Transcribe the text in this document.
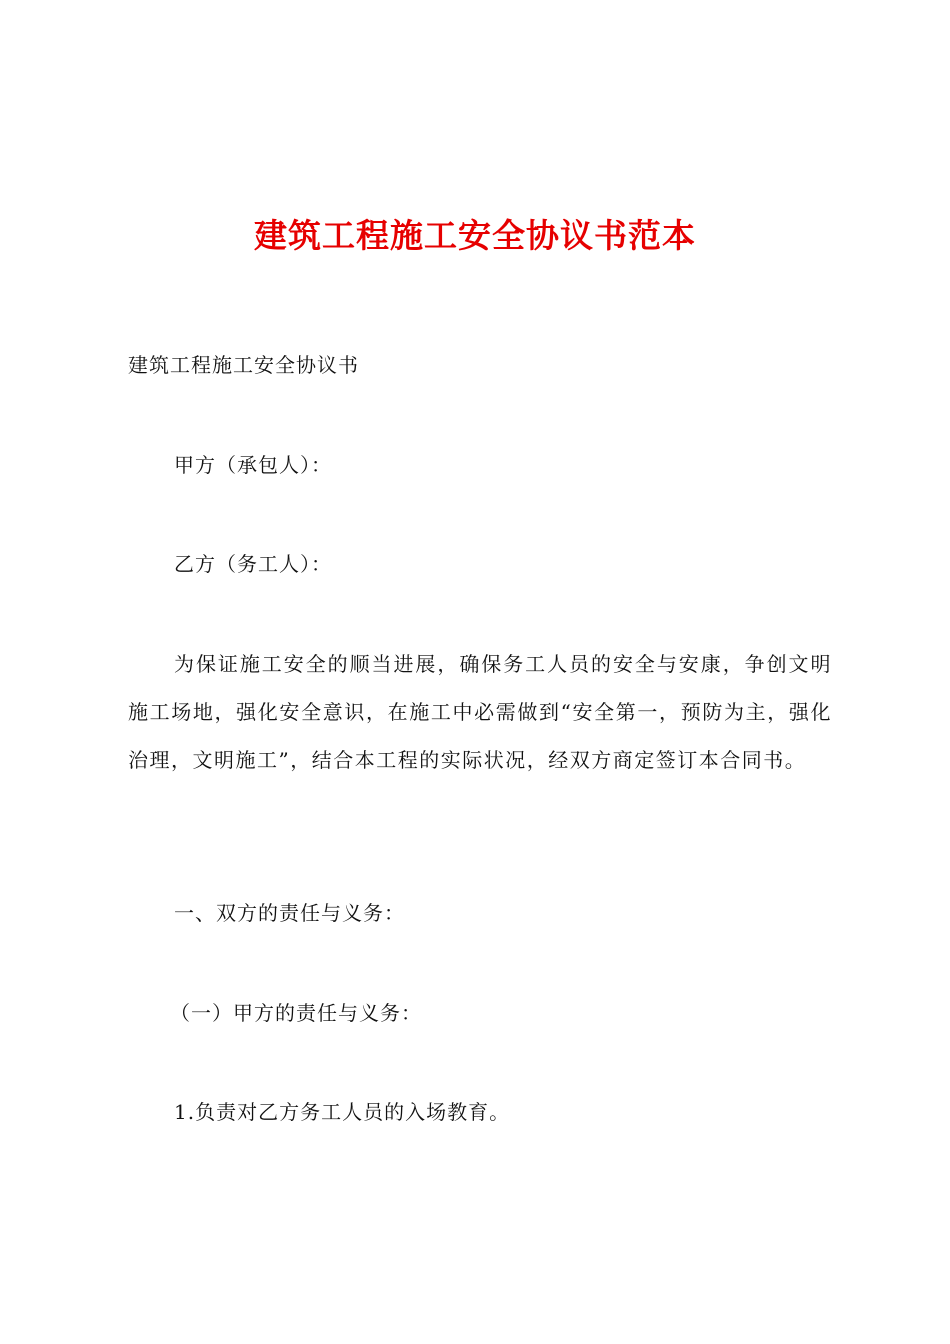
建筑工程施工安全协议书范本
建筑工程施工安全协议书
甲方（承包人）：
乙方（务工人）：
为保证施工安全的顺当进展，确保务工人员的安全与安康，争创文明施工场地，强化安全意识，在施工中必需做到“安全第一，预防为主，强化治理，文明施工”，结合本工程的实际状况，经双方商定签订本合同书。
一、双方的责任与义务：
（一）甲方的责任与义务：
1.负责对乙方务工人员的入场教育。
